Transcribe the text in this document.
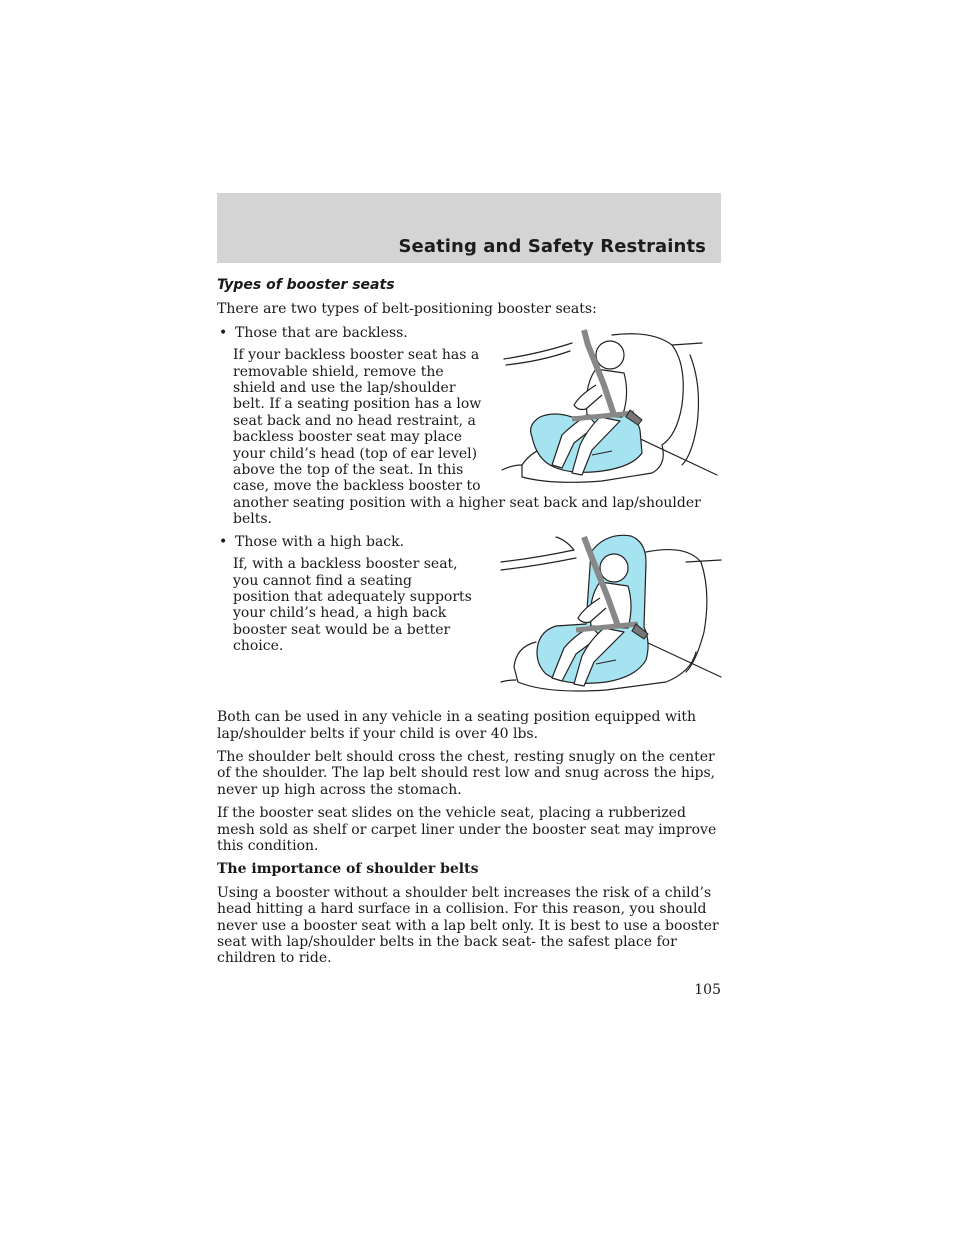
Seating and Safety Restraints
Types of booster seats

There are two types of belt-positioning booster seats:

• Those that are backless.
If your backless booster seat has a removable shield, remove the shield and use the lap/shoulder belt. If a seating position has a low seat back and no head restraint, a backless booster seat may place your child’s head (top of ear level) above the top of the seat. In this case, move the backless booster to another seating position with a higher seat back and lap/shoulder belts.
• Those with a high back.
If, with a backless booster seat, you cannot find a seating position that adequately supports your child’s head, a high back booster seat would be a better choice.

Both can be used in any vehicle in a seating position equipped with lap/shoulder belts if your child is over 40 lbs.

The shoulder belt should cross the chest, resting snugly on the center of the shoulder. The lap belt should rest low and snug across the hips, never up high across the stomach.

If the booster seat slides on the vehicle seat, placing a rubberized mesh sold as shelf or carpet liner under the booster seat may improve this condition.

The importance of shoulder belts

Using a booster without a shoulder belt increases the risk of a child’s head hitting a hard surface in a collision. For this reason, you should never use a booster seat with a lap belt only. It is best to use a booster seat with lap/shoulder belts in the back seat- the safest place for children to ride.

105
